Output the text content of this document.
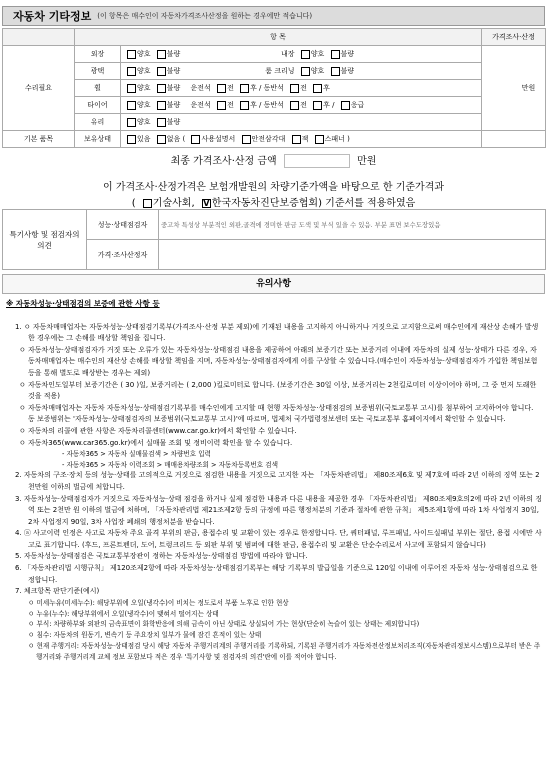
자동차 기타정보 (이 항목은 매수인이 자동차가격조사산정을 원하는 경우에만 적습니다)
	항 목		가격조사·산정
수리필요	외장	양호 불량 내장 양호 불량	만원
	광택	양호 불량 룸 크리닝 양호 불량	
	휠	양호 불량 운전석 전 후 / 동반석 전 후	
	타이어	양호 불량 운전석 전 후 / 동반석 전 후 / 응급	
	유리	양호 불량	
기본 품목	보유상태	있음 없음 ( 사용설명서 안전삼각대 잭 스패너 )	
최종 가격조사·산정 금액	만원
이 가격조사·산정가격은 보험개발원의 차량기준가액을 바탕으로 한 기준가격과
( 기술사회, V 한국자동차진단보증협회) 기준서를 적용하였음
특기사항 및 점검자의 의견	성능·상태점검자	중고차 특성상 부분적인 외판,골격에 경미한 판금 도색 및 부식 있을 수 있음. 부분 표면 보수도장있음
	가격·조사산정자	
유의사항
※ 자동차성능·상태점검의 보증에 관한 사항 등
1. ㅇ 자동차매매업자는 자동차성능·상태점검기록부(가격조사·산정 부분 제외)에 기재된 내용을 고지하지 아니하거나 거짓으로 고지함으로써 매수인에게 재산상 손해가 발생한 경우에는 그 손해를 배상할 책임을 집니다.
ㅇ 자동차성능·상태점검자가 거짓 또는 오류가 있는 자동차성능·상태점검 내용을 제공하여 아래의 보증기간 또는 보증거리 이내에 자동차의 실제 성능·상태가 다른 경우, 자동차매매업자는 매수인의 재산상 손해를 배상할 책임을 지며, 자동차성능·상태점검자에게 이를 구상할 수 있습니다.(매수인이 자동차성능·상태점검자가 가입한 책임보험 등을 통해 별도로 배상받는 경우는 제외)
ㅇ 자동차인도일부터 보증기간은 ( 30 )일, 보증거리는 ( 2,000 )킬로미터로 합니다. (보증기간은 30일 이상, 보증거리는 2천킬로미터 이상이어야 하며, 그 중 먼저 도래한 것을 적용)
ㅇ 자동차매매업자는 자동차 자동차성능·상태점검기록부를 매수인에게 고지할 때 현행 자동차성능·상태점검의 보증범위(국토교통부 고시)를 첨부하여 고지하여야 합니다. 동 보증범위는 '자동차성능·상태점검자의 보증범위(국토교통부 고시)'에 따르며, 법제처 국가법령정보센터 또는 국토교통부 홈페이지에서 확인할 수 있습니다.
ㅇ 자동차의 리콜에 관한 사항은 자동차리콜센터(www.car.go.kr)에서 확인할 수 있습니다.
ㅇ 자동차365(www.car365.go.kr)에서 실매물 조회 및 정비이력 확인을 할 수 있습니다.
- 자동차365 > 자동차 실매물검색 > 차량번호 입력
- 자동차365 > 자동차 이력조회 > 매매용차량조회 > 자동차등록번호 검색
2. 자동차의 구조·장치 등의 성능·상태를 고의적으로 거짓으로 점검한 내용을 거짓으로 고지한 자는 「자동차관리법」 제80조제6호 및 제7호에 따라 2년 이하의 징역 또는 2천만원 이하의 벌금에 처합니다.
3. 자동차성능·상태점검자가 거짓으로 자동차성능·상태 점검을 하거나 실제 점검한 내용과 다른 내용을 제공한 경우 「자동차관리법」 제80조제9호의2에 따라 2년 이하의 징역 또는 2천만 원 이하의 벌금에 처하며, 「자동차관리법 제21조제2항 등의 규정에 따른 행정처분의 기준과 절차에 관한 규칙」 제5조제1항에 따라 1차 사업정지 30일, 2차 사업정지 90일, 3차 사업장 폐쇄의 행정처분을 받습니다.
4. ⓐ 사고이력 인정은 사고로 자동차 주요 골격 부위의 판금, 용접수리 및 교환이 있는 경우로 한정합니다. 단, 쿼터패널, 루프패널, 사이드실패널 부위는 절단, 용접 시에만 사고로 표기합니다. (후드, 프론트펜더, 도어, 트렁크리드 등 외판 부위 및 범퍼에 대한 판금, 용접수리 및 교환은 단순수리로서 사고에 포함되지 않습니다)
5. 자동차성능·상태점검은 국토교통부장관이 정하는 자동차성능·상태점검 방법에 따라야 합니다.
6. 「자동차관리법 시행규칙」 제120조제2항에 따라 자동차성능·상태점검기록부는 해당 기록부의 발급일을 기준으로 120일 이내에 이루어진 자동차 성능·상태점검으로 한정합니다.
7. 체크항목 판단기준(예시)
ㅇ 미세누유(미세누수): 해당부위에 오일(냉각수)이 비치는 정도로서 부품 노후로 인한 현상
ㅇ 누유(누수): 해당부위에서 오일(냉각수)이 맺혀서 떨어지는 상태
ㅇ 부식: 차량하부와 외판의 금속표면이 화학반응에 의해 금속이 아닌 상태로 상실되어 가는 현상(단순히 녹슬어 있는 상태는 제외합니다)
ㅇ 침수: 자동차의 원동기, 변속기 등 주요장치 일부가 물에 잠긴 흔적이 있는 상태
ㅇ 현재 주행거리: 자동차성능·상태점검 당시 해당 자동차 주행거리계의 주행거리를 기록하되, 기록된 주행거리가 자동차전산정보처리조직(자동차관리정보시스템)으로부터 받은 주행거리와 주행거리계 교체 정보 포함보다 적은 경우 '특기사항 및 점검자의 의견'란에 이를 적어야 합니다.
